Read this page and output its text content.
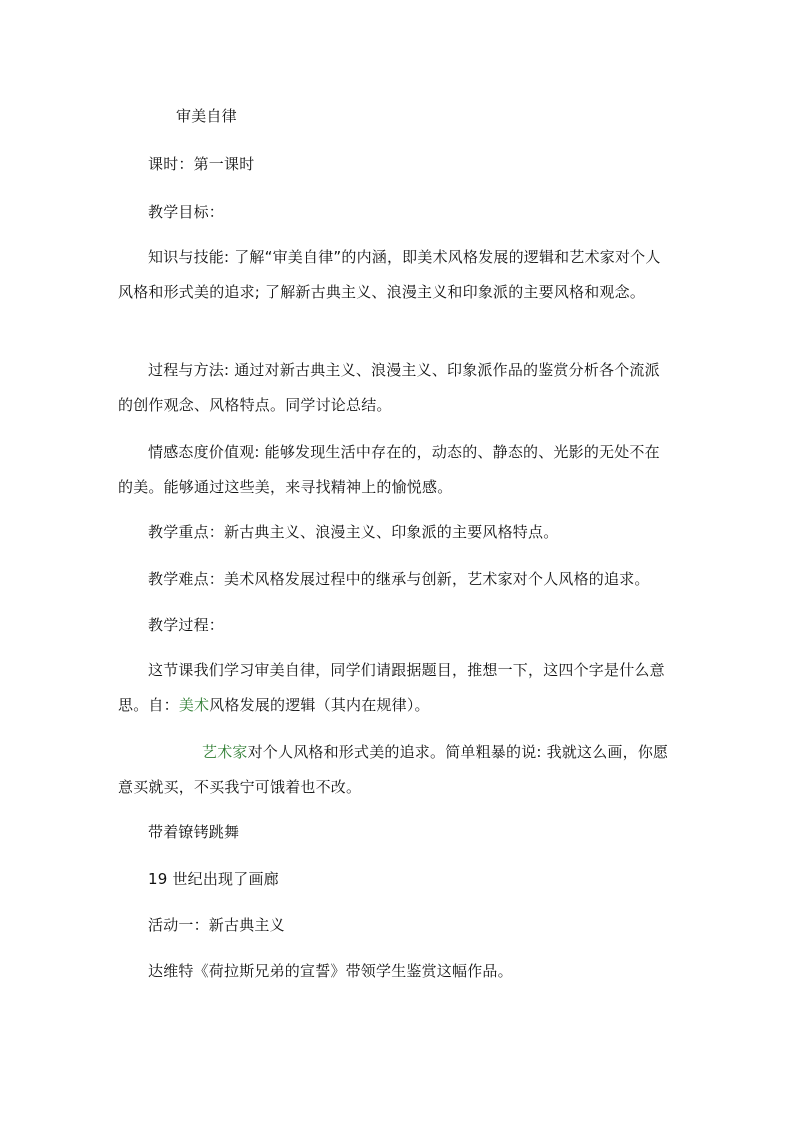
审美自律
课时：第一课时
教学目标：
知识与技能: 了解“审美自律”的内涵，即美术风格发展的逻辑和艺术家对个人风格和形式美的追求; 了解新古典主义、浪漫主义和印象派的主要风格和观念。
过程与方法: 通过对新古典主义、浪漫主义、印象派作品的鉴赏分析各个流派的创作观念、风格特点。同学讨论总结。
情感态度价值观: 能够发现生活中存在的，动态的、静态的、光影的无处不在的美。能够通过这些美，来寻找精神上的愉悦感。
教学重点：新古典主义、浪漫主义、印象派的主要风格特点。
教学难点：美术风格发展过程中的继承与创新，艺术家对个人风格的追求。
教学过程：
这节课我们学习审美自律，同学们请跟据题目，推想一下，这四个字是什么意思。自：美术风格发展的逻辑（其内在规律）。
艺术家对个人风格和形式美的追求。简单粗暴的说: 我就这么画，你愿意买就买，不买我宁可饿着也不改。
带着镣铐跳舞
19 世纪出现了画廊
活动一：新古典主义
达维特《荷拉斯兄弟的宣誓》带领学生鉴赏这幅作品。
